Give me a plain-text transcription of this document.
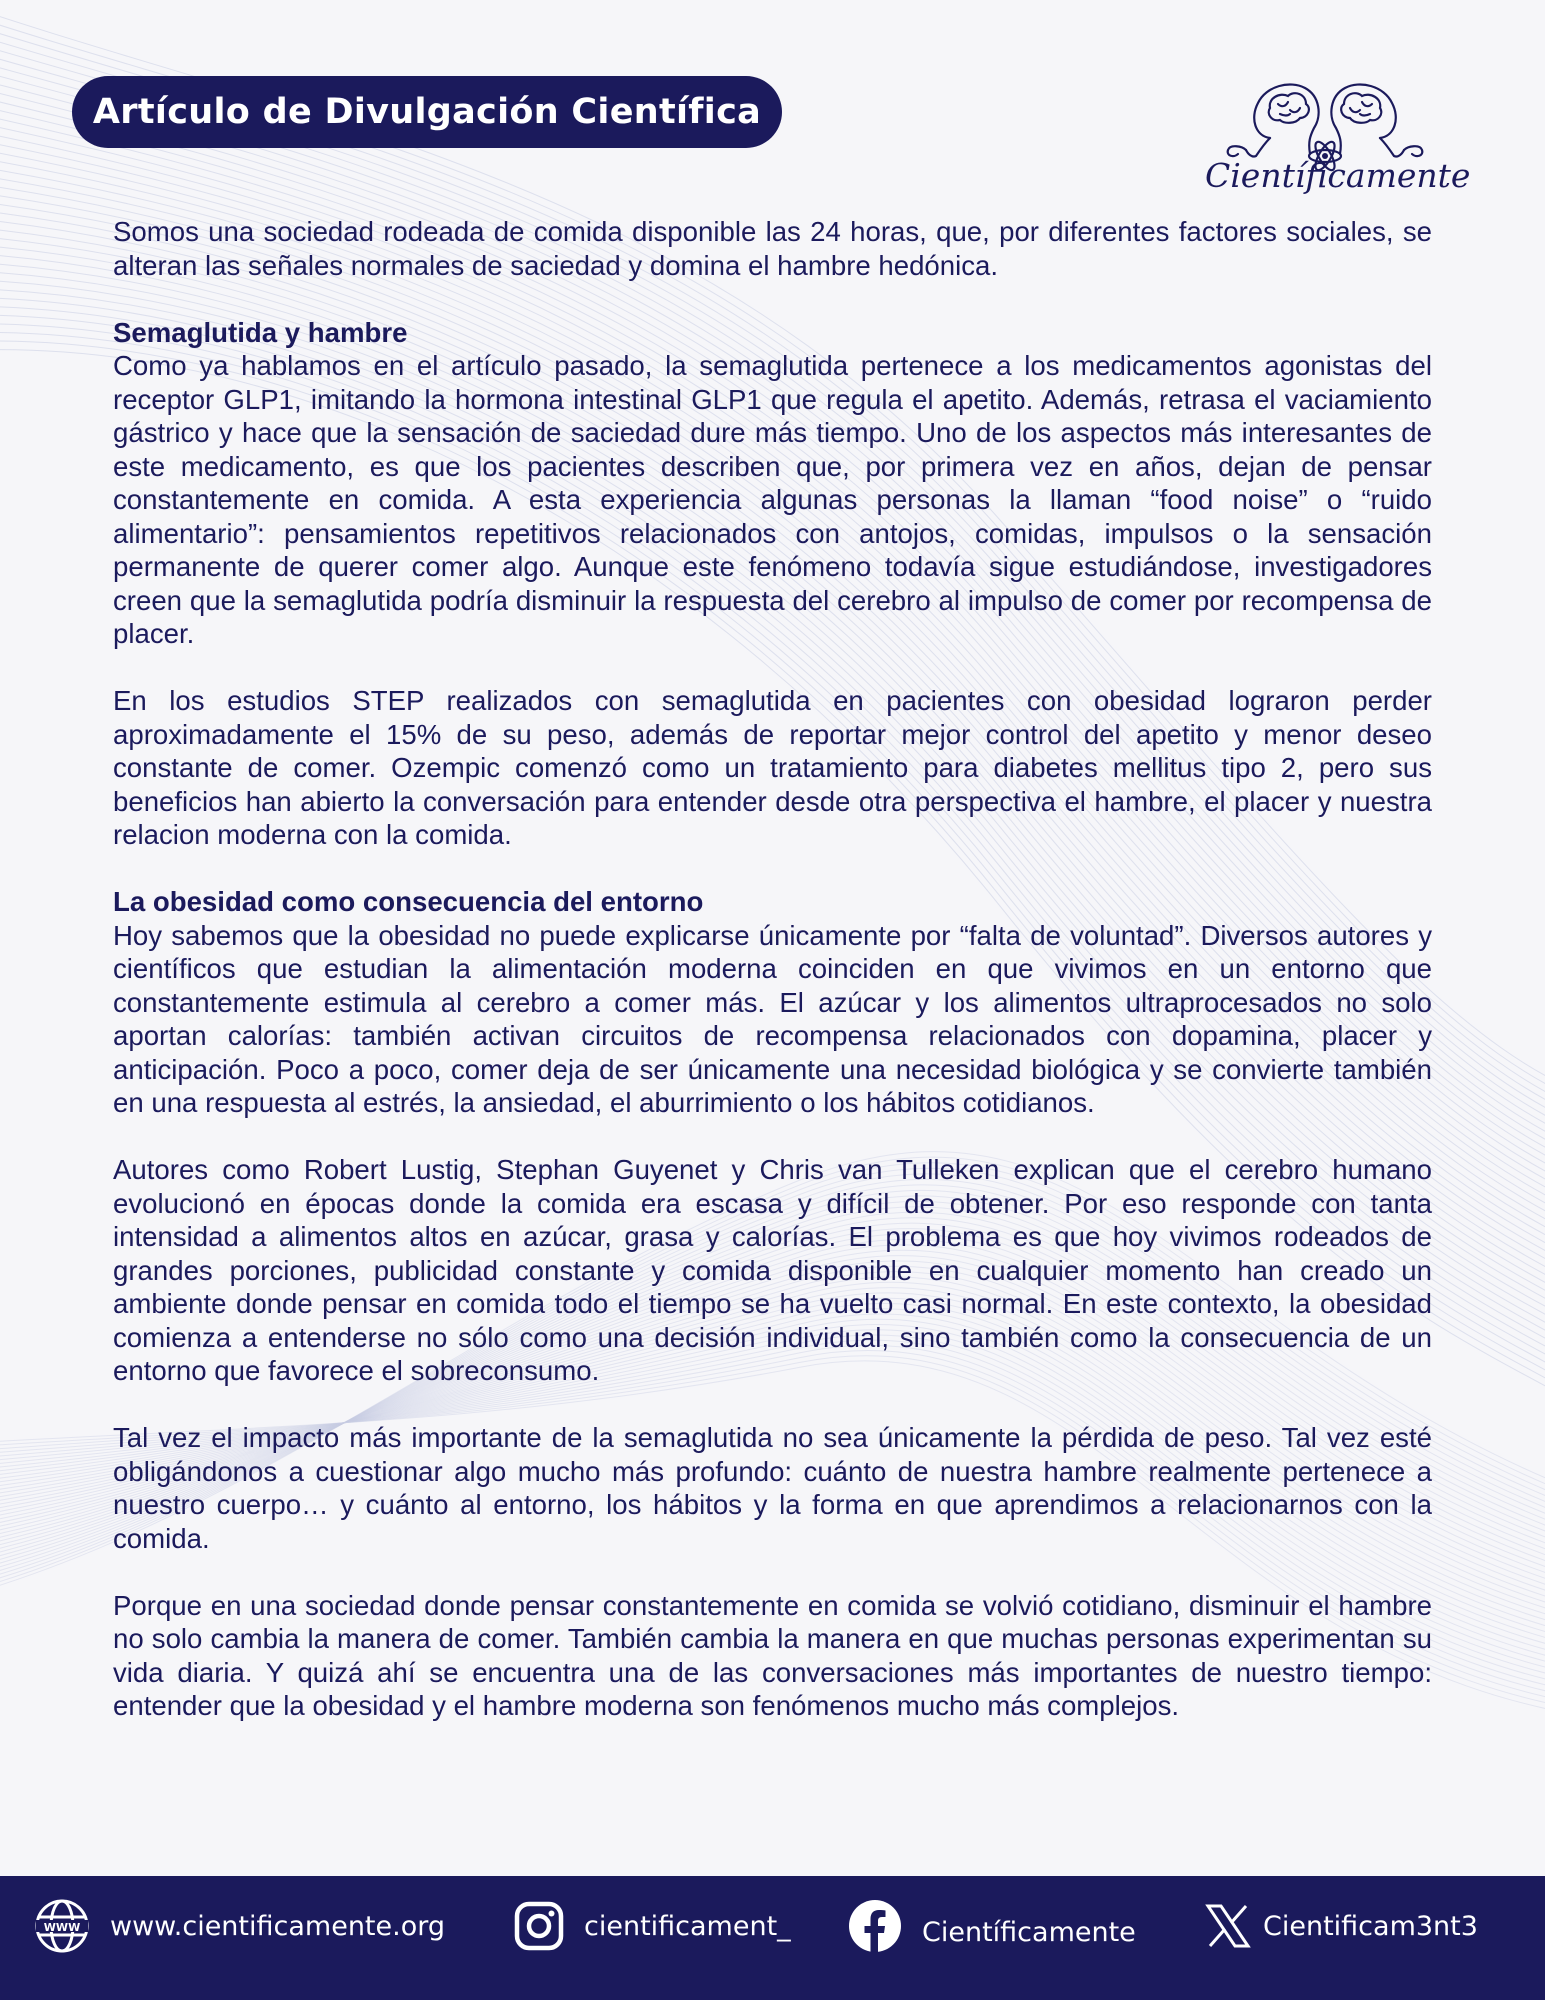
Artículo de Divulgación Científica
Científicamente

Somos una sociedad rodeada de comida disponible las 24 horas, que, por diferentes factores sociales, se alteran las señales normales de saciedad y domina el hambre hedónica.

Semaglutida y hambre

Como ya hablamos en el artículo pasado, la semaglutida pertenece a los medicamentos agonistas del receptor GLP1, imitando la hormona intestinal GLP1 que regula el apetito. Además, retrasa el vaciamiento gástrico y hace que la sensación de saciedad dure más tiempo. Uno de los aspectos más interesantes de este medicamento, es que los pacientes describen que, por primera vez en años, dejan de pensar constantemente en comida. A esta experiencia algunas personas la llaman “food noise” o “ruido alimentario”: pensamientos repetitivos relacionados con antojos, comidas, impulsos o la sensación permanente de querer comer algo. Aunque este fenómeno todavía sigue estudiándose, investigadores creen que la semaglutida podría disminuir la respuesta del cerebro al impulso de comer por recompensa de placer.

En los estudios STEP realizados con semaglutida en pacientes con obesidad lograron perder aproximadamente el 15% de su peso, además de reportar mejor control del apetito y menor deseo constante de comer. Ozempic comenzó como un tratamiento para diabetes mellitus tipo 2, pero sus beneficios han abierto la conversación para entender desde otra perspectiva el hambre, el placer y nuestra relacion moderna con la comida.

La obesidad como consecuencia del entorno

Hoy sabemos que la obesidad no puede explicarse únicamente por “falta de voluntad”. Diversos autores y científicos que estudian la alimentación moderna coinciden en que vivimos en un entorno que constantemente estimula al cerebro a comer más. El azúcar y los alimentos ultraprocesados no solo aportan calorías: también activan circuitos de recompensa relacionados con dopamina, placer y anticipación. Poco a poco, comer deja de ser únicamente una necesidad biológica y se convierte también en una respuesta al estrés, la ansiedad, el aburrimiento o los hábitos cotidianos.

Autores como Robert Lustig, Stephan Guyenet y Chris van Tulleken explican que el cerebro humano evolucionó en épocas donde la comida era escasa y difícil de obtener. Por eso responde con tanta intensidad a alimentos altos en azúcar, grasa y calorías. El problema es que hoy vivimos rodeados de grandes porciones, publicidad constante y comida disponible en cualquier momento han creado un ambiente donde pensar en comida todo el tiempo se ha vuelto casi normal. En este contexto, la obesidad comienza a entenderse no sólo como una decisión individual, sino también como la consecuencia de un entorno que favorece el sobreconsumo.

Tal vez el impacto más importante de la semaglutida no sea únicamente la pérdida de peso. Tal vez esté obligándonos a cuestionar algo mucho más profundo: cuánto de nuestra hambre realmente pertenece a nuestro cuerpo… y cuánto al entorno, los hábitos y la forma en que aprendimos a relacionarnos con la comida.

Porque en una sociedad donde pensar constantemente en comida se volvió cotidiano, disminuir el hambre no solo cambia la manera de comer. También cambia la manera en que muchas personas experimentan su vida diaria. Y quizá ahí se encuentra una de las conversaciones más importantes de nuestro tiempo: entender que la obesidad y el hambre moderna son fenómenos mucho más complejos.

WWW www.cientificamente.org	cientificament_	Científicamente	Cientificam3nt3
